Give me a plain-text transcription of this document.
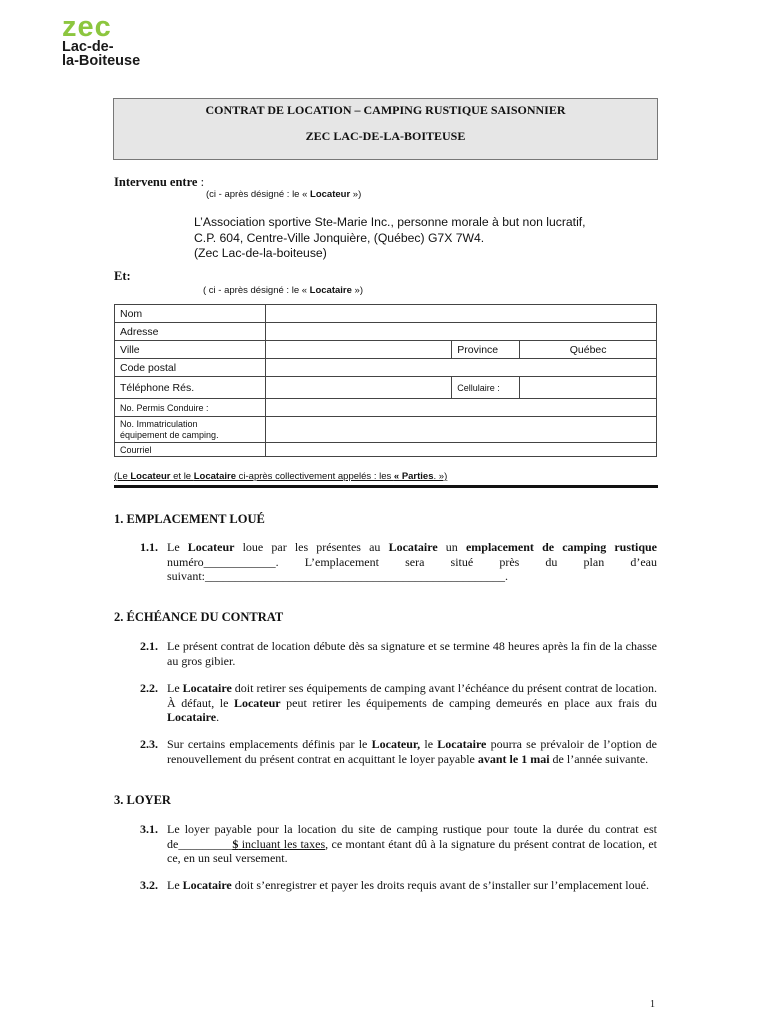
zec
Lac-de-
la-Boiteuse
CONTRAT DE LOCATION – CAMPING RUSTIQUE SAISONNIER
ZEC LAC-DE-LA-BOITEUSE
Intervenu entre :
(ci - après désigné : le « Locateur »)
L’Association sportive Ste-Marie Inc., personne morale à but non lucratif,
C.P. 604, Centre-Ville Jonquière, (Québec) G7X 7W4.
(Zec Lac-de-la-boiteuse)
Et:
( ci - après désigné : le « Locataire »)
Nom			
Adresse			
Ville		Province	Québec
Code postal			
Téléphone Rés.		Cellulaire :	
No. Permis Conduire :			

No. Immatriculation
équipement de camping.			

Courriel			
(Le Locateur et le Locataire ci-après collectivement appelés : les « Parties. »)
1. EMPLACEMENT LOUÉ
1.1. Le Locateur loue par les présentes au Locataire un emplacement de camping rustique numéro____________. L’emplacement sera situé près du plan d’eau suivant:__________________________________________________.
2. ÉCHÉANCE DU CONTRAT
2.1. Le présent contrat de location débute dès sa signature et se termine 48 heures après la fin de la chasse au gros gibier.
2.2. Le Locataire doit retirer ses équipements de camping avant l’échéance du présent contrat de location. À défaut, le Locateur peut retirer les équipements de camping demeurés en place aux frais du Locataire.
2.3. Sur certains emplacements définis par le Locateur, le Locataire pourra se prévaloir de l’option de renouvellement du présent contrat en acquittant le loyer payable avant le 1 mai de l’année suivante.
3. LOYER
3.1. Le loyer payable pour la location du site de camping rustique pour toute la durée du contrat est de_________$ incluant les taxes, ce montant étant dû à la signature du présent contrat de location, et ce, en un seul versement.
3.2. Le Locataire doit s’enregistrer et payer les droits requis avant de s’installer sur l’emplacement loué.
1
